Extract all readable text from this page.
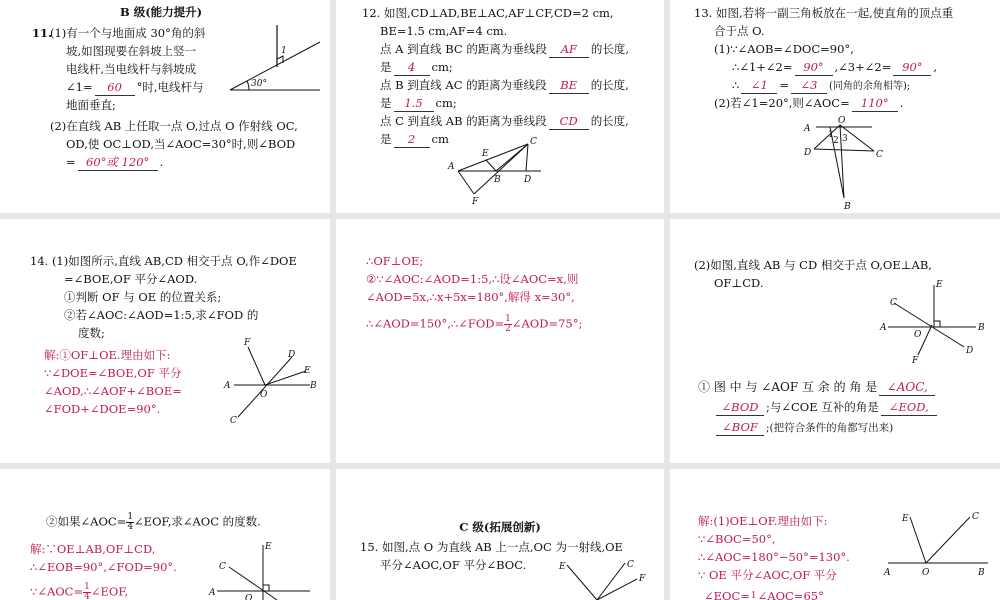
B 级(能力提升)
11.
(1)有一个与地面成 30°角的斜
坡,如图现要在斜坡上竖一
电线杆,当电线杆与斜坡成
∠1= 60 °时,电线杆与
地面垂直;
(2)在直线 AB 上任取一点 O,过点 O 作射线 OC,
OD,使 OC⊥OD,当∠AOC=30°时,则∠BOD
= 60°或 120° .
1
30°
12. 如图,CD⊥AD,BE⊥AC,AF⊥CF,CD=2 cm,
BE=1.5 cm,AF=4 cm.
点 A 到直线 BC 的距离为垂线段 AF 的长度,
是 4 cm;
点 B 到直线 AC 的距离为垂线段 BE 的长度,
是 1.5 cm;
点 C 到直线 AB 的距离为垂线段 CD 的长度,
是 2 cm
A
B
C
D
E
F
13. 如图,若将一副三角板放在一起,使直角的顶点重
合于点 O.
(1)∵∠AOB=∠DOC=90°,
∴∠1+∠2= 90° ,∠3+∠2= 90° ,
∴ ∠1 = ∠3 (同角的余角相等);
(2)若∠1=20°,则∠AOC= 110° .
A
O
D	C
B
1
2 3
14. (1)如图所示,直线 AB,CD 相交于点 O,作∠DOE
=∠BOE,OF 平分∠AOD.
①判断 OF 与 OE 的位置关系;
②若∠AOC:∠AOD=1:5,求∠FOD 的
度数;
解:①OF⊥OE.理由如下:
∵∠DOE=∠BOE,OF 平分
∠AOD,∴∠AOF+∠BOE=
∠FOD+∠DOE=90°.
F
D
E
A
O
B
C
∴OF⊥OE;
②∵∠AOC:∠AOD=1:5,∴设∠AOC=x,则
∠AOD=5x,∴x+5x=180°,解得 x=30°,
∴∠AOD=150°,∴∠FOD= $\frac{1}{2}$ ∠AOD=75°;
(2)如图,直线 AB 与 CD 相交于点 O,OE⊥AB,
OF⊥CD.
C
E
A
O
B
F
D
① 图 中 与 ∠AOF 互 余 的 角 是 ∠AOC,
∠BOD ;与∠COE 互补的角是 ∠EOD,
∠BOF ;(把符合条件的角都写出来)
②如果∠AOC= $\frac{1}{4}$ ∠EOF,求∠AOC 的度数.
解:∵OE⊥AB,OF⊥CD,
∴∠EOB=90°,∠FOD=90°.
∵∠AOC= $\frac{1}{4}$ ∠EOF,
C
E
A
O
C 级(拓展创新)
15. 如图,点 O 为直线 AB 上一点,OC 为一射线,OE
平分∠AOC,OF 平分∠BOC.	E	C
F
解:(1)OE⊥OF.理由如下:
∵∠BOC=50°,
∴∠AOC=180°−50°=130°.
∵ OE 平分∠AOC,OF 平分
∠EOC= 1 ∠AOC=65°
E	C
A	O	B
